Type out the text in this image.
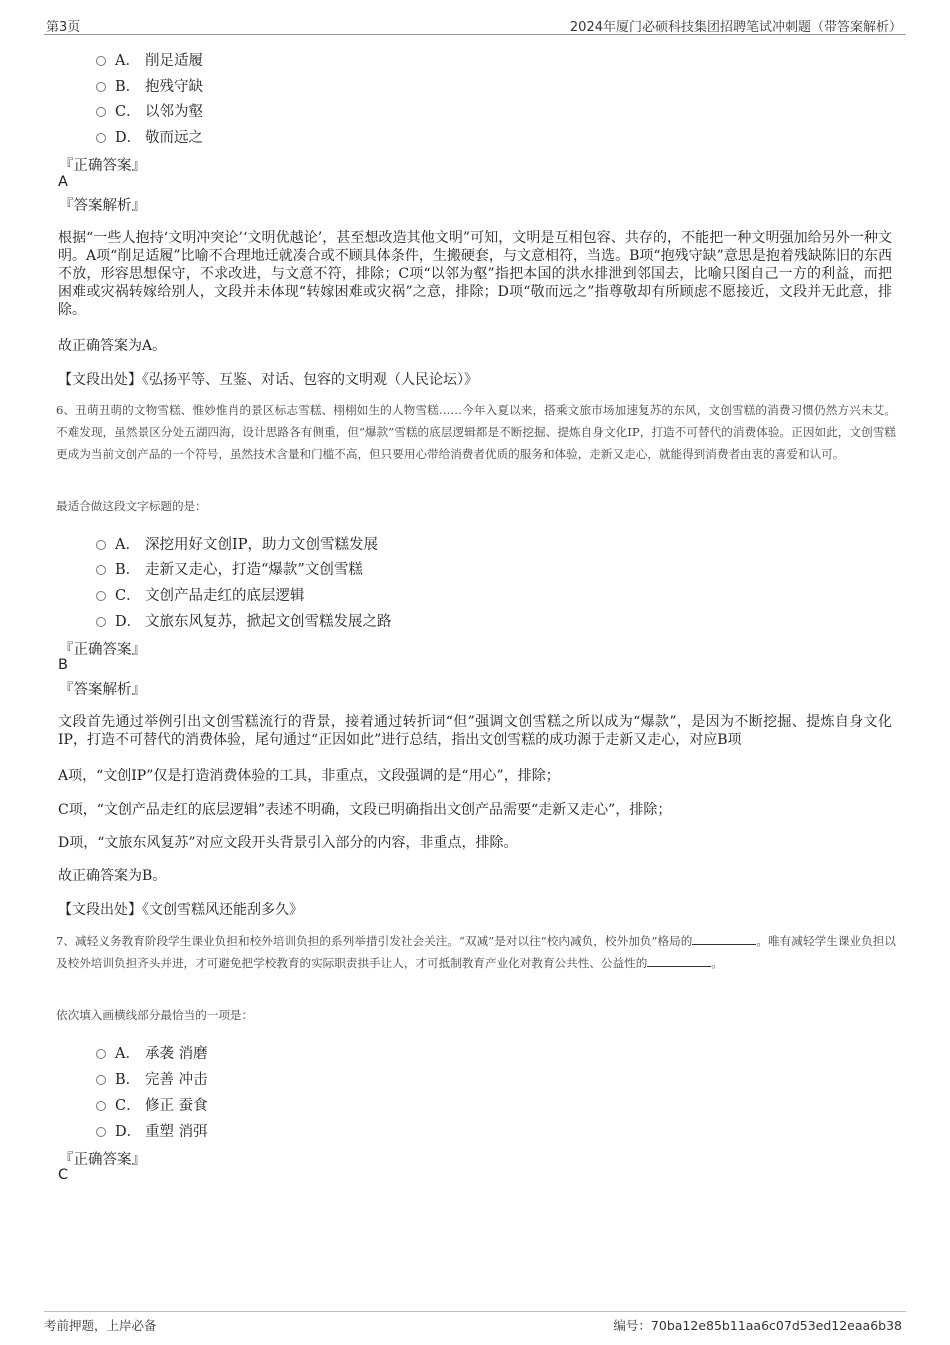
第3页	2024年厦门必硕科技集团招聘笔试冲刺题（带答案解析）
A． 削足适履
B． 抱残守缺
C． 以邻为壑
D． 敬而远之
『正确答案』
A
『答案解析』
根据“一些人抱持‘文明冲突论’‘文明优越论’，甚至想改造其他文明”可知，文明是互相包容、共存的，不能把一种文明强加给另外一种文明。A项“削足适履”比喻不合理地迁就凑合或不顾具体条件，生搬硬套，与文意相符，当选。B项“抱残守缺”意思是抱着残缺陈旧的东西不放，形容思想保守，不求改进，与文意不符，排除；C项“以邻为壑”指把本国的洪水排泄到邻国去，比喻只图自己一方的利益，而把困难或灾祸转嫁给别人，文段并未体现“转嫁困难或灾祸”之意，排除；D项“敬而远之”指尊敬却有所顾虑不愿接近，文段并无此意，排除。
故正确答案为A。
【文段出处】《弘扬平等、互鉴、对话、包容的文明观（人民论坛）》
6、丑萌丑萌的文物雪糕、惟妙惟肖的景区标志雪糕、栩栩如生的人物雪糕……今年入夏以来，搭乘文旅市场加速复苏的东风，文创雪糕的消费习惯仍然方兴未艾。不难发现，虽然景区分处五湖四海，设计思路各有侧重，但“爆款”雪糕的底层逻辑都是不断挖掘、提炼自身文化IP，打造不可替代的消费体验。正因如此，文创雪糕更成为当前文创产品的一个符号，虽然技术含量和门槛不高，但只要用心带给消费者优质的服务和体验，走新又走心，就能得到消费者由衷的喜爱和认可。
最适合做这段文字标题的是：
A． 深挖用好文创IP，助力文创雪糕发展
B． 走新又走心，打造“爆款”文创雪糕
C． 文创产品走红的底层逻辑
D． 文旅东风复苏，掀起文创雪糕发展之路
『正确答案』
B
『答案解析』
文段首先通过举例引出文创雪糕流行的背景，接着通过转折词“但”强调文创雪糕之所以成为“爆款”，是因为不断挖掘、提炼自身文化IP，打造不可替代的消费体验，尾句通过“正因如此”进行总结，指出文创雪糕的成功源于走新又走心，对应B项
A项，“文创IP”仅是打造消费体验的工具，非重点，文段强调的是“用心”，排除；
C项，“文创产品走红的底层逻辑”表述不明确，文段已明确指出文创产品需要“走新又走心”，排除；
D项，“文旅东风复苏”对应文段开头背景引入部分的内容，非重点，排除。
故正确答案为B。
【文段出处】《文创雪糕风还能刮多久》
7、减轻义务教育阶段学生课业负担和校外培训负担的系列举措引发社会关注。“双减”是对以往“校内减负，校外加负”格局的	。唯有减轻学生课业负担以及校外培训负担齐头并进，才可避免把学校教育的实际职责拱手让人，才可抵制教育产业化对教育公共性、公益性的	。
依次填入画横线部分最恰当的一项是：
A． 承袭 消磨
B． 完善 冲击
C． 修正 蚕食
D． 重塑 消弭
『正确答案』
C
考前押题，上岸必备	编号：70ba12e85b11aa6c07d53ed12eaa6b38
